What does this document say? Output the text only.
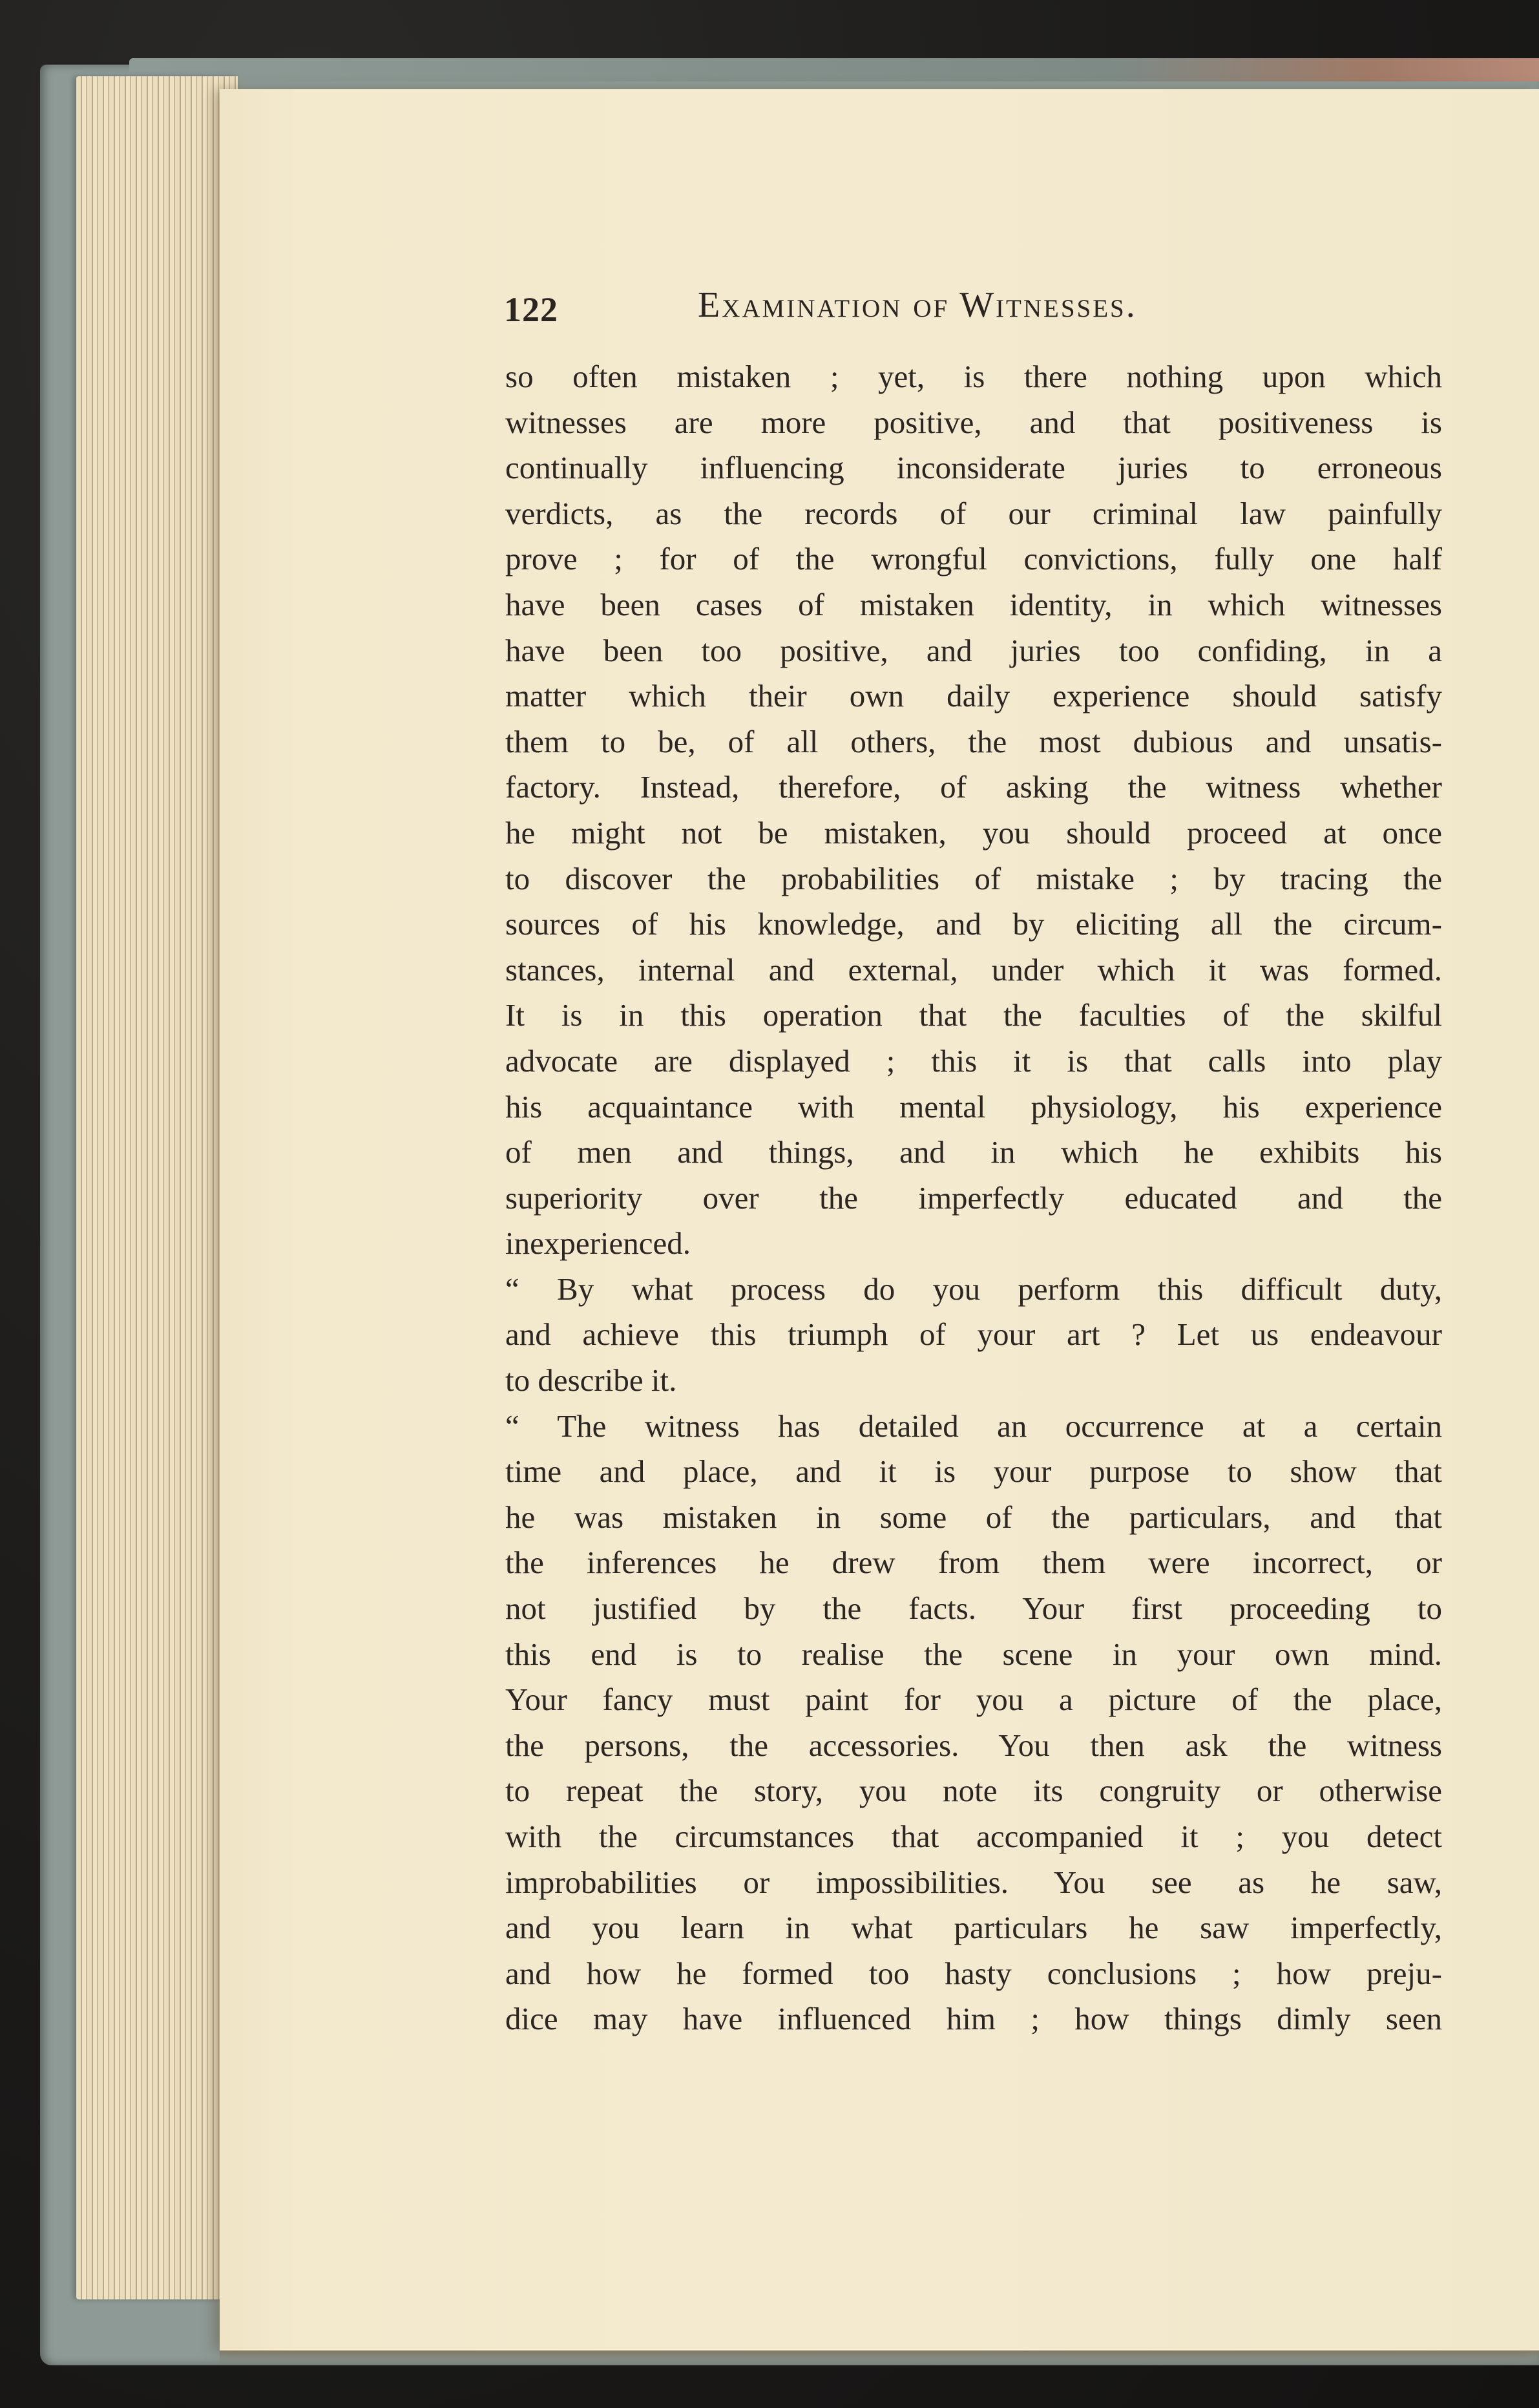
122	Examination of Witnesses.
so often mistaken ; yet, is there nothing upon which
witnesses are more positive, and that positiveness is
continually influencing inconsiderate juries to erroneous
verdicts, as the records of our criminal law painfully
prove ; for of the wrongful convictions, fully one half
have been cases of mistaken identity, in which witnesses
have been too positive, and juries too confiding, in a
matter which their own daily experience should satisfy
them to be, of all others, the most dubious and unsatis-
factory. Instead, therefore, of asking the witness whether
he might not be mistaken, you should proceed at once
to discover the probabilities of mistake ; by tracing the
sources of his knowledge, and by eliciting all the circum-
stances, internal and external, under which it was formed.
It is in this operation that the faculties of the skilful
advocate are displayed ; this it is that calls into play
his acquaintance with mental physiology, his experience
of men and things, and in which he exhibits his
superiority over the imperfectly educated and the
inexperienced.
“ By what process do you perform this difficult duty,
and achieve this triumph of your art ? Let us endeavour
to describe it.
“ The witness has detailed an occurrence at a certain
time and place, and it is your purpose to show that
he was mistaken in some of the particulars, and that
the inferences he drew from them were incorrect, or
not justified by the facts. Your first proceeding to
this end is to realise the scene in your own mind.
Your fancy must paint for you a picture of the place,
the persons, the accessories. You then ask the witness
to repeat the story, you note its congruity or otherwise
with the circumstances that accompanied it ; you detect
improbabilities or impossibilities. You see as he saw,
and you learn in what particulars he saw imperfectly,
and how he formed too hasty conclusions ; how preju-
dice may have influenced him ; how things dimly seen
